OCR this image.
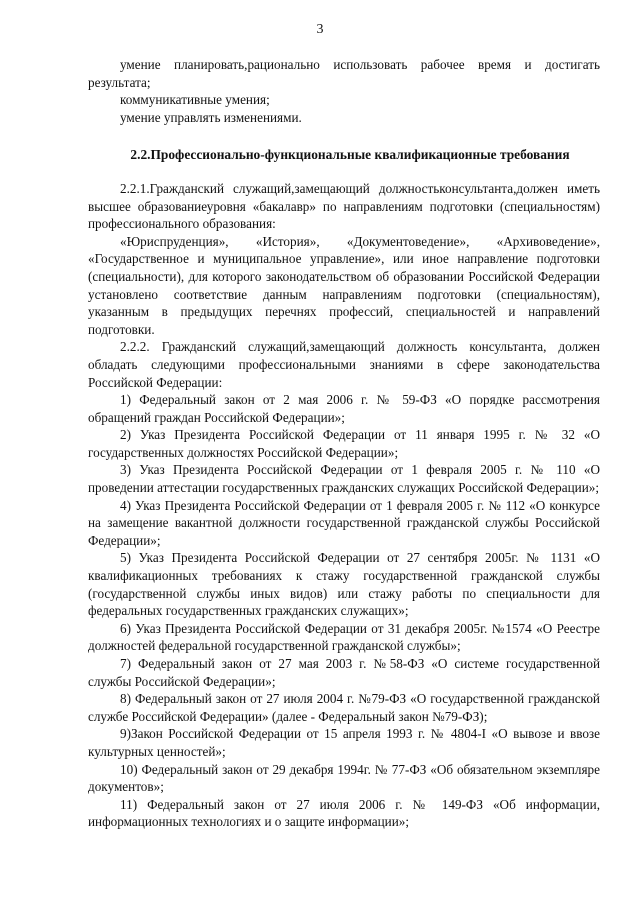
3

умение планировать,рационально использовать рабочее время и достигать результата;

коммуникативные умения;

умение управлять изменениями.

2.2.Профессионально-функциональные квалификационные требования

2.2.1.Гражданский служащий,замещающий должностьконсультанта,должен иметь высшее образованиеуровня «бакалавр» по направлениям подготовки (специальностям) профессионального образования:

«Юриспруденция», «История», «Документоведение», «Архивоведение», «Государственное и муниципальное управление», или иное направление подготовки (специальности), для которого законодательством об образовании Российской Федерации установлено соответствие данным направлениям подготовки (специальностям), указанным в предыдущих перечнях профессий, специальностей и направлений подготовки.

2.2.2. Гражданский служащий,замещающий должность консультанта, должен обладать следующими профессиональными знаниями в сфере законодательства Российской Федерации:

1) Федеральный закон от 2 мая 2006 г. № 59-ФЗ «О порядке рассмотрения обращений граждан Российской Федерации»;

2) Указ Президента Российской Федерации от 11 января 1995 г. № 32 «О государственных должностях Российской Федерации»;

3) Указ Президента Российской Федерации от 1 февраля 2005 г. № 110 «О проведении аттестации государственных гражданских служащих Российской Федерации»;

4) Указ Президента Российской Федерации от 1 февраля 2005 г. № 112 «О конкурсе на замещение вакантной должности государственной гражданской службы Российской Федерации»;

5) Указ Президента Российской Федерации от 27 сентября 2005г. № 1131 «О квалификационных требованиях к стажу государственной гражданской службы (государственной службы иных видов) или стажу работы по специальности для федеральных государственных гражданских служащих»;

6) Указ Президента Российской Федерации от 31 декабря 2005г. №1574 «О Реестре должностей федеральной государственной гражданской службы»;

7) Федеральный закон от 27 мая 2003 г. №58-ФЗ «О системе государственной службы Российской Федерации»;

8) Федеральный закон от 27 июля 2004 г. №79-ФЗ «О государственной гражданской службе Российской Федерации» (далее - Федеральный закон №79-ФЗ);

9)Закон Российской Федерации от 15 апреля 1993 г. № 4804-I «О вывозе и ввозе культурных ценностей»;

10) Федеральный закон от 29 декабря 1994г. № 77-ФЗ «Об обязательном экземпляре документов»;

11) Федеральный закон от 27 июля 2006 г. № 149-ФЗ «Об информации, информационных технологиях и о защите информации»;
